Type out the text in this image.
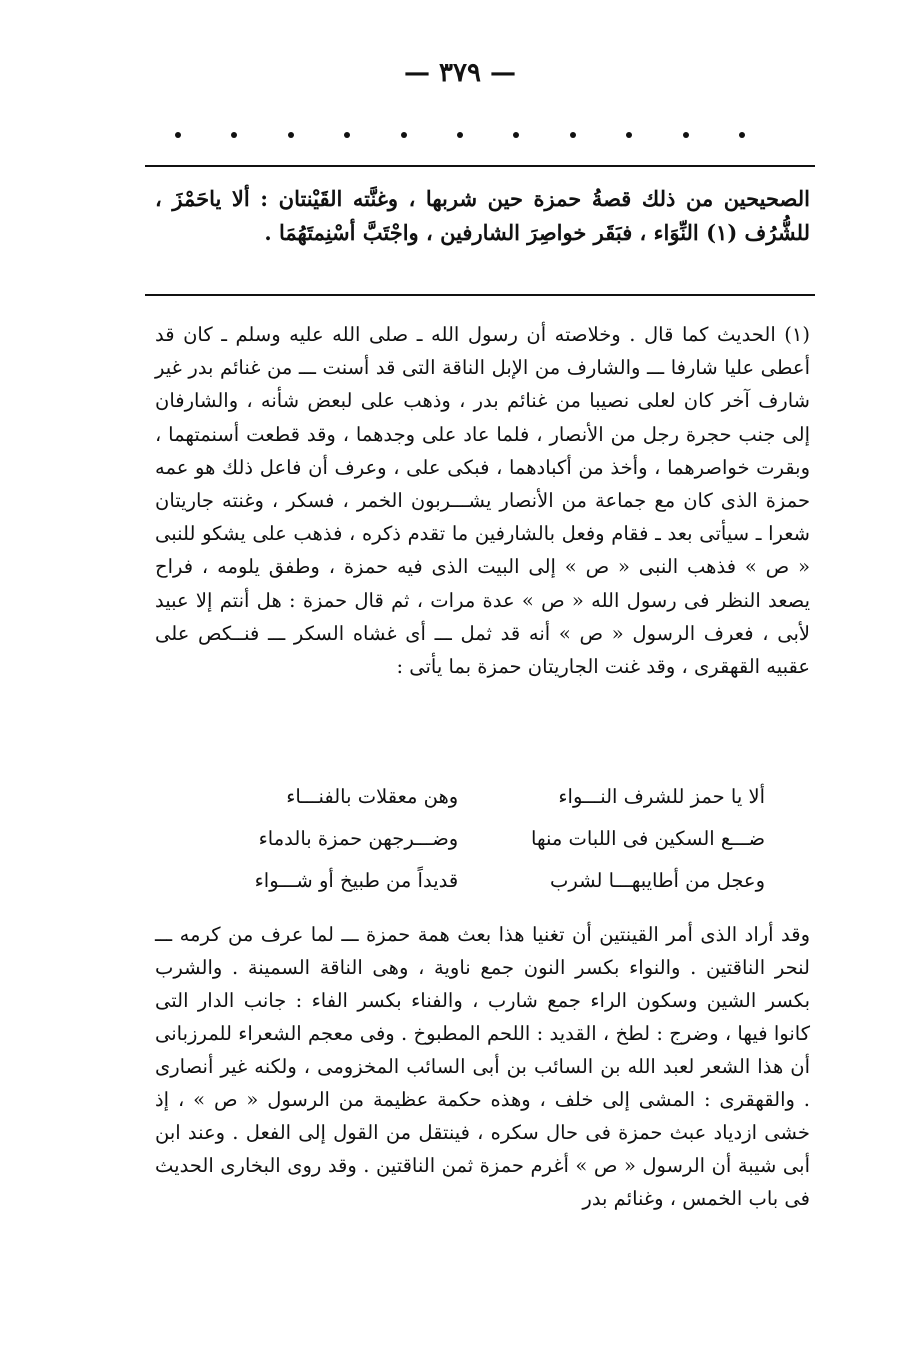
— ٣٧٩ —

الصحيحين من ذلك قصةُ حمزة حين شربها ، وغنَّته القَيْنتان : ألا ياحَمْزَ ، للشُّرُف (١) النِّوَاء ، فبَقَر خواصِرَ الشارفين ، واجْتَبَّ أسْنِمتَهُمَا .

(١) الحديث كما قال . وخلاصته أن رسول الله ـ صلى الله عليه وسلم ـ كان قد أعطى عليا شارفا ـــ والشارف من الإبل الناقة التى قد أسنت ـــ من غنائم بدر غير شارف آخر كان لعلى نصيبا من غنائم بدر ، وذهب على لبعض شأنه ، والشارفان إلى جنب حجرة رجل من الأنصار ، فلما عاد على وجدهما ، وقد قطعت أسنمتهما ، وبقرت خواصرهما ، وأخذ من أكبادهما ، فبكى على ، وعرف أن فاعل ذلك هو عمه حمزة الذى كان مع جماعة من الأنصار يشـــربون الخمر ، فسكر ، وغنته جاريتان شعرا ـ سيأتى بعد ـ فقام وفعل بالشارفين ما تقدم ذكره ، فذهب على يشكو للنبى « ص » فذهب النبى « ص » إلى البيت الذى فيه حمزة ، وطفق يلومه ، فراح يصعد النظر فى رسول الله « ص » عدة مرات ، ثم قال حمزة : هل أنتم إلا عبيد لأبى ، فعرف الرسول « ص » أنه قد ثمل ـــ أى غشاه السكر ـــ فنــكص على عقبيه القهقرى ، وقد غنت الجاريتان حمزة بما يأتى :

ألا يا حمز للشرف النـــواء
وهن معقلات بالفنـــاء
ضـــع السكين فى اللبات منها
وضـــرجهن حمزة بالدماء
وعجل من أطايبهـــا لشرب
قديداً من طبيخ أو شـــواء

وقد أراد الذى أمر القينتين أن تغنيا هذا بعث همة حمزة ـــ لما عرف من كرمه ـــ لنحر الناقتين . والنواء بكسر النون جمع ناوية ، وهى الناقة السمينة . والشرب بكسر الشين وسكون الراء جمع شارب ، والفناء بكسر الفاء : جانب الدار التى كانوا فيها ، وضرج : لطخ ، القديد : اللحم المطبوخ . وفى معجم الشعراء للمرزبانى أن هذا الشعر لعبد الله بن السائب بن أبى السائب المخزومى ، ولكنه غير أنصارى . والقهقرى : المشى إلى خلف ، وهذه حكمة عظيمة من الرسول « ص » ، إذ خشى ازدياد عبث حمزة فى حال سكره ، فينتقل من القول إلى الفعل . وعند ابن أبى شيبة أن الرسول « ص » أغرم حمزة ثمن الناقتين . وقد روى البخارى الحديث فى باب الخمس ، وغنائم بدر
